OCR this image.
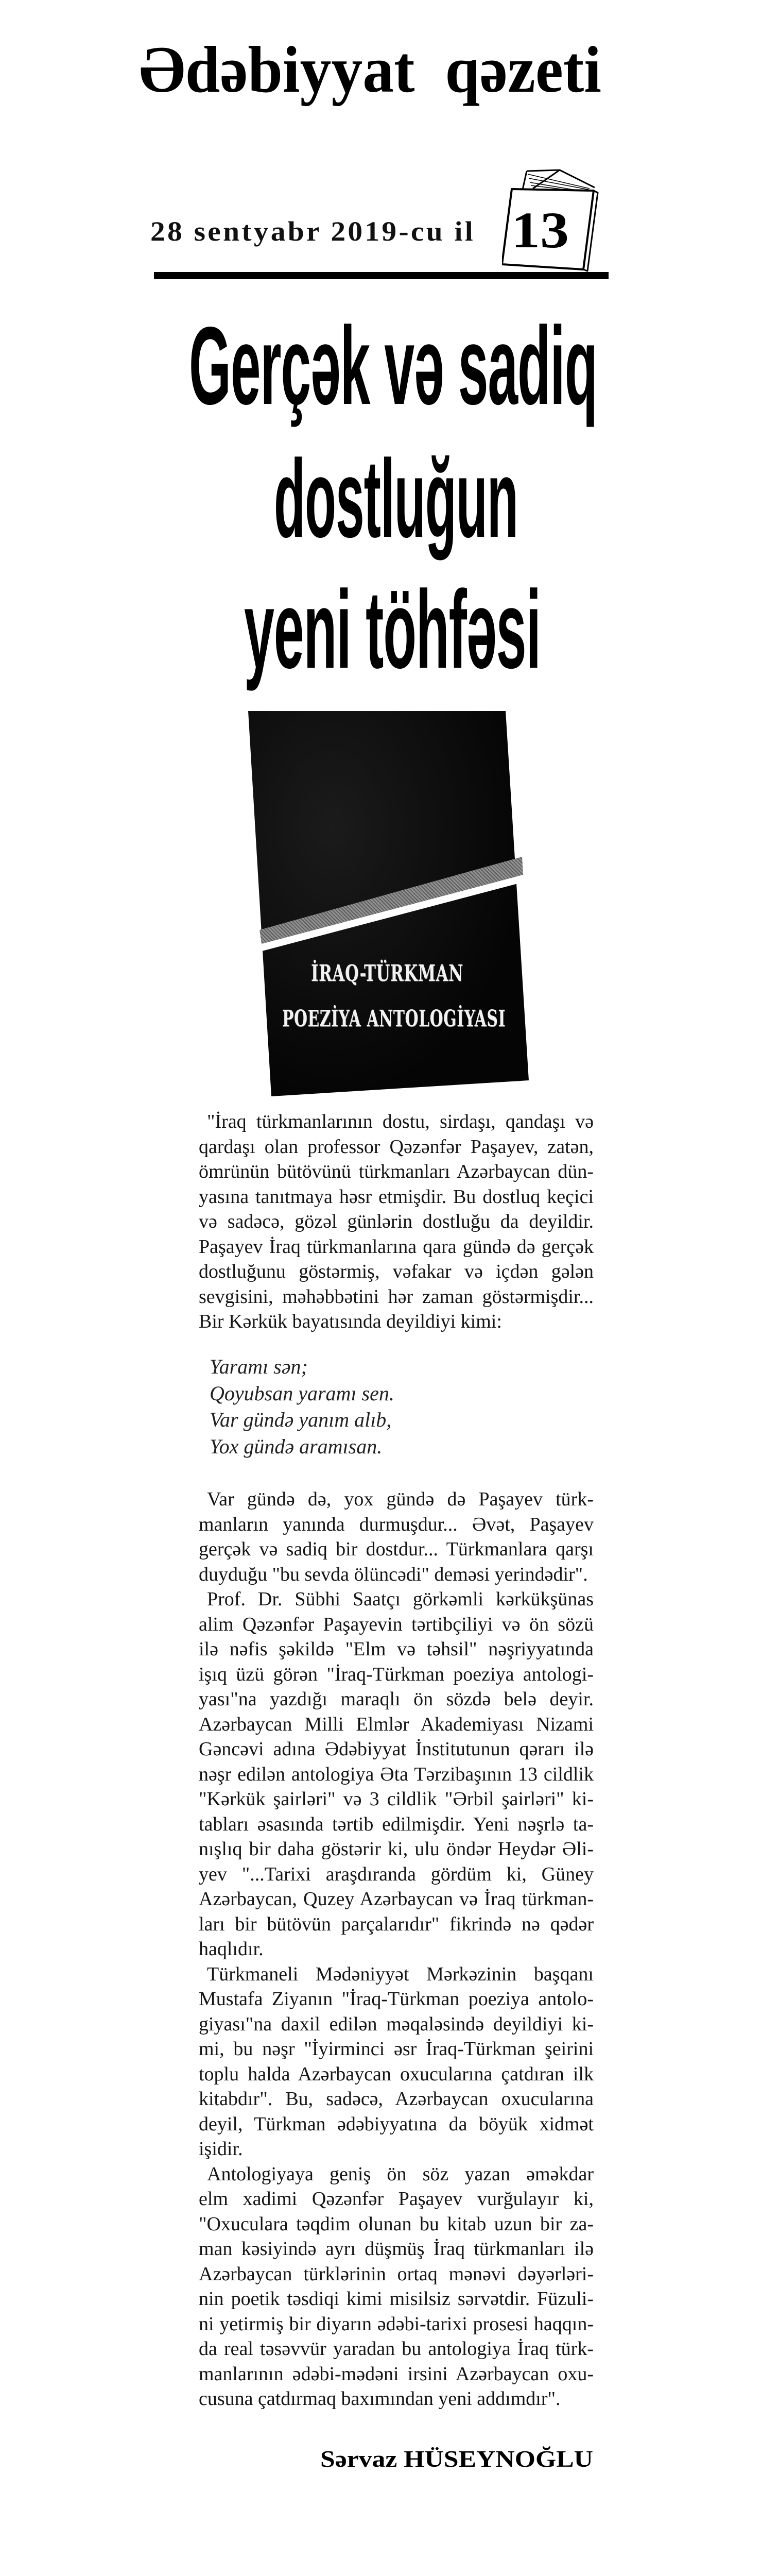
Ədəbiyyat qəzeti
28 sentyabr 2019-cu il 13
Gerçək və sadiq
dostluğun
yeni töhfəsi
İRAQ-TÜRKMAN
POEZİYA ANTOLOGİYASI
"İraq türkmanlarının dostu, sirdaşı, qandaşı və
qardaşı olan professor Qəzənfər Paşayev, zatən,
ömrünün bütövünü türkmanları Azərbaycan dün-
yasına tanıtmaya həsr etmişdir. Bu dostluq keçici
və sadəcə, gözəl günlərin dostluğu da deyildir.
Paşayev İraq türkmanlarına qara gündə də gerçək
dostluğunu göstərmiş, vəfakar və içdən gələn
sevgisini, məhəbbətini hər zaman göstərmişdir...
Bir Kərkük bayatısında deyildiyi kimi:
Yaramı sən;
Qoyubsan yaramı sen.
Var gündə yanım alıb,
Yox gündə aramısan.
Var gündə də, yox gündə də Paşayev türk-
manların yanında durmuşdur... Əvət, Paşayev
gerçək və sadiq bir dostdur... Türkmanlara qarşı
duyduğu "bu sevda ölüncədi" deməsi yerindədir".
Prof. Dr. Sübhi Saatçı görkəmli kərkükşünas
alim Qəzənfər Paşayevin tərtibçiliyi və ön sözü
ilə nəfis şəkildə "Elm və təhsil" nəşriyyatında
işıq üzü görən "İraq-Türkman poeziya antologi-
yası"na yazdığı maraqlı ön sözdə belə deyir.
Azərbaycan Milli Elmlər Akademiyası Nizami
Gəncəvi adına Ədəbiyyat İnstitutunun qərarı ilə
nəşr edilən antologiya Əta Tərzibaşının 13 cildlik
"Kərkük şairləri" və 3 cildlik "Ərbil şairləri" ki-
tabları əsasında tərtib edilmişdir. Yeni nəşrlə ta-
nışlıq bir daha göstərir ki, ulu öndər Heydər Əli-
yev "...Tarixi araşdıranda gördüm ki, Güney
Azərbaycan, Quzey Azərbaycan və İraq türkman-
ları bir bütövün parçalarıdır" fikrində nə qədər
haqlıdır.
Türkmaneli Mədəniyyət Mərkəzinin başqanı
Mustafa Ziyanın "İraq-Türkman poeziya antolo-
giyası"na daxil edilən məqaləsində deyildiyi ki-
mi, bu nəşr "İyirminci əsr İraq-Türkman şeirini
toplu halda Azərbaycan oxucularına çatdıran ilk
kitabdır". Bu, sadəcə, Azərbaycan oxucularına
deyil, Türkman ədəbiyyatına da böyük xidmət
işidir.
Antologiyaya geniş ön söz yazan əməkdar
elm xadimi Qəzənfər Paşayev vurğulayır ki,
"Oxuculara təqdim olunan bu kitab uzun bir za-
man kəsiyində ayrı düşmüş İraq türkmanları ilə
Azərbaycan türklərinin ortaq mənəvi dəyərləri-
nin poetik təsdiqi kimi misilsiz sərvətdir. Füzuli-
ni yetirmiş bir diyarın ədəbi-tarixi prosesi haqqın-
da real təsəvvür yaradan bu antologiya İraq türk-
manlarının ədəbi-mədəni irsini Azərbaycan oxu-
cusuna çatdırmaq baxımından yeni addımdır".
Sərvaz HÜSEYNOĞLU
